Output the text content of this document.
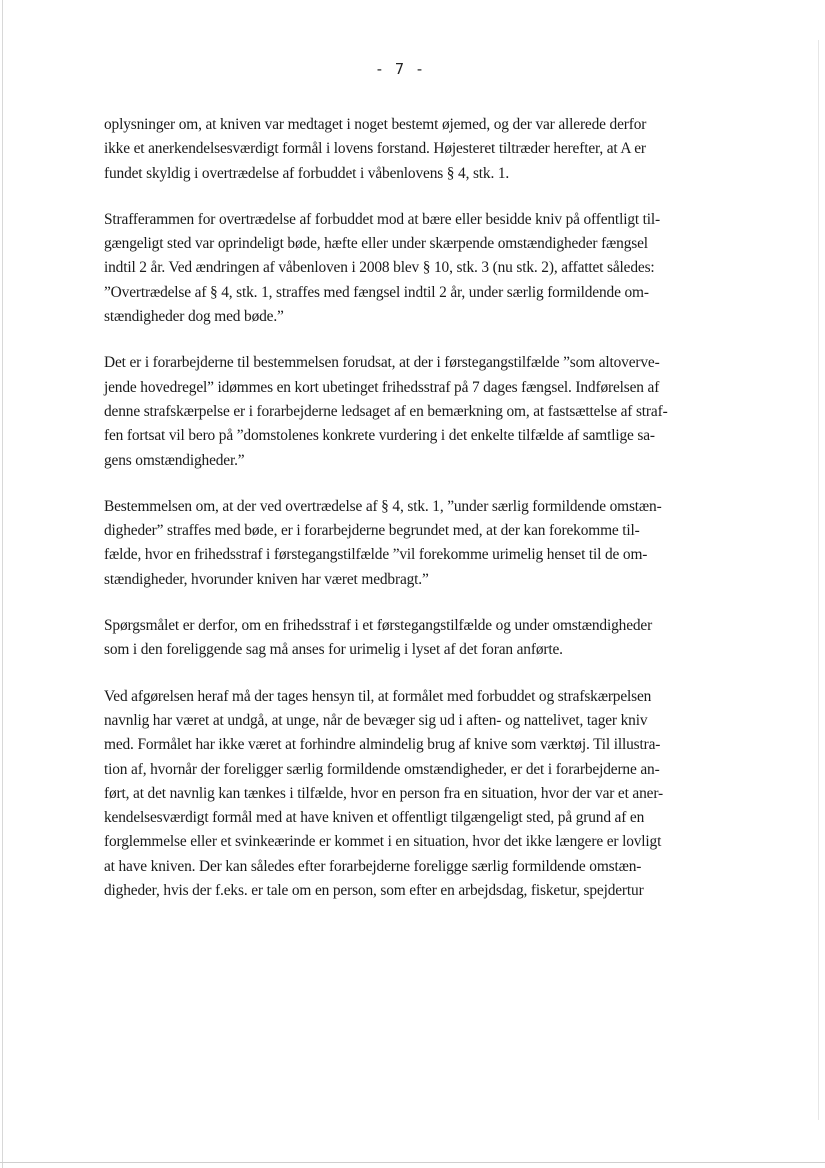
- 7 -

oplysninger om, at kniven var medtaget i noget bestemt øjemed, og der var allerede derfor
ikke et anerkendelsesværdigt formål i lovens forstand. Højesteret tiltræder herefter, at A er
fundet skyldig i overtrædelse af forbuddet i våbenlovens § 4, stk. 1.

Strafferammen for overtrædelse af forbuddet mod at bære eller besidde kniv på offentligt til-
gængeligt sted var oprindeligt bøde, hæfte eller under skærpende omstændigheder fængsel
indtil 2 år. Ved ændringen af våbenloven i 2008 blev § 10, stk. 3 (nu stk. 2), affattet således:
”Overtrædelse af § 4, stk. 1, straffes med fængsel indtil 2 år, under særlig formildende om-
stændigheder dog med bøde.”

Det er i forarbejderne til bestemmelsen forudsat, at der i førstegangstilfælde ”som altoverve-
jende hovedregel” idømmes en kort ubetinget frihedsstraf på 7 dages fængsel. Indførelsen af
denne strafskærpelse er i forarbejderne ledsaget af en bemærkning om, at fastsættelse af straf-
fen fortsat vil bero på ”domstolenes konkrete vurdering i det enkelte tilfælde af samtlige sa-
gens omstændigheder.”

Bestemmelsen om, at der ved overtrædelse af § 4, stk. 1, ”under særlig formildende omstæn-
digheder” straffes med bøde, er i forarbejderne begrundet med, at der kan forekomme til-
fælde, hvor en frihedsstraf i førstegangstilfælde ”vil forekomme urimelig henset til de om-
stændigheder, hvorunder kniven har været medbragt.”

Spørgsmålet er derfor, om en frihedsstraf i et førstegangstilfælde og under omstændigheder
som i den foreliggende sag må anses for urimelig i lyset af det foran anførte.

Ved afgørelsen heraf må der tages hensyn til, at formålet med forbuddet og strafskærpelsen
navnlig har været at undgå, at unge, når de bevæger sig ud i aften- og nattelivet, tager kniv
med. Formålet har ikke været at forhindre almindelig brug af knive som værktøj. Til illustra-
tion af, hvornår der foreligger særlig formildende omstændigheder, er det i forarbejderne an-
ført, at det navnlig kan tænkes i tilfælde, hvor en person fra en situation, hvor der var et aner-
kendelsesværdigt formål med at have kniven et offentligt tilgængeligt sted, på grund af en
forglemmelse eller et svinkeærinde er kommet i en situation, hvor det ikke længere er lovligt
at have kniven. Der kan således efter forarbejderne foreligge særlig formildende omstæn-
digheder, hvis der f.eks. er tale om en person, som efter en arbejdsdag, fisketur, spejdertur
